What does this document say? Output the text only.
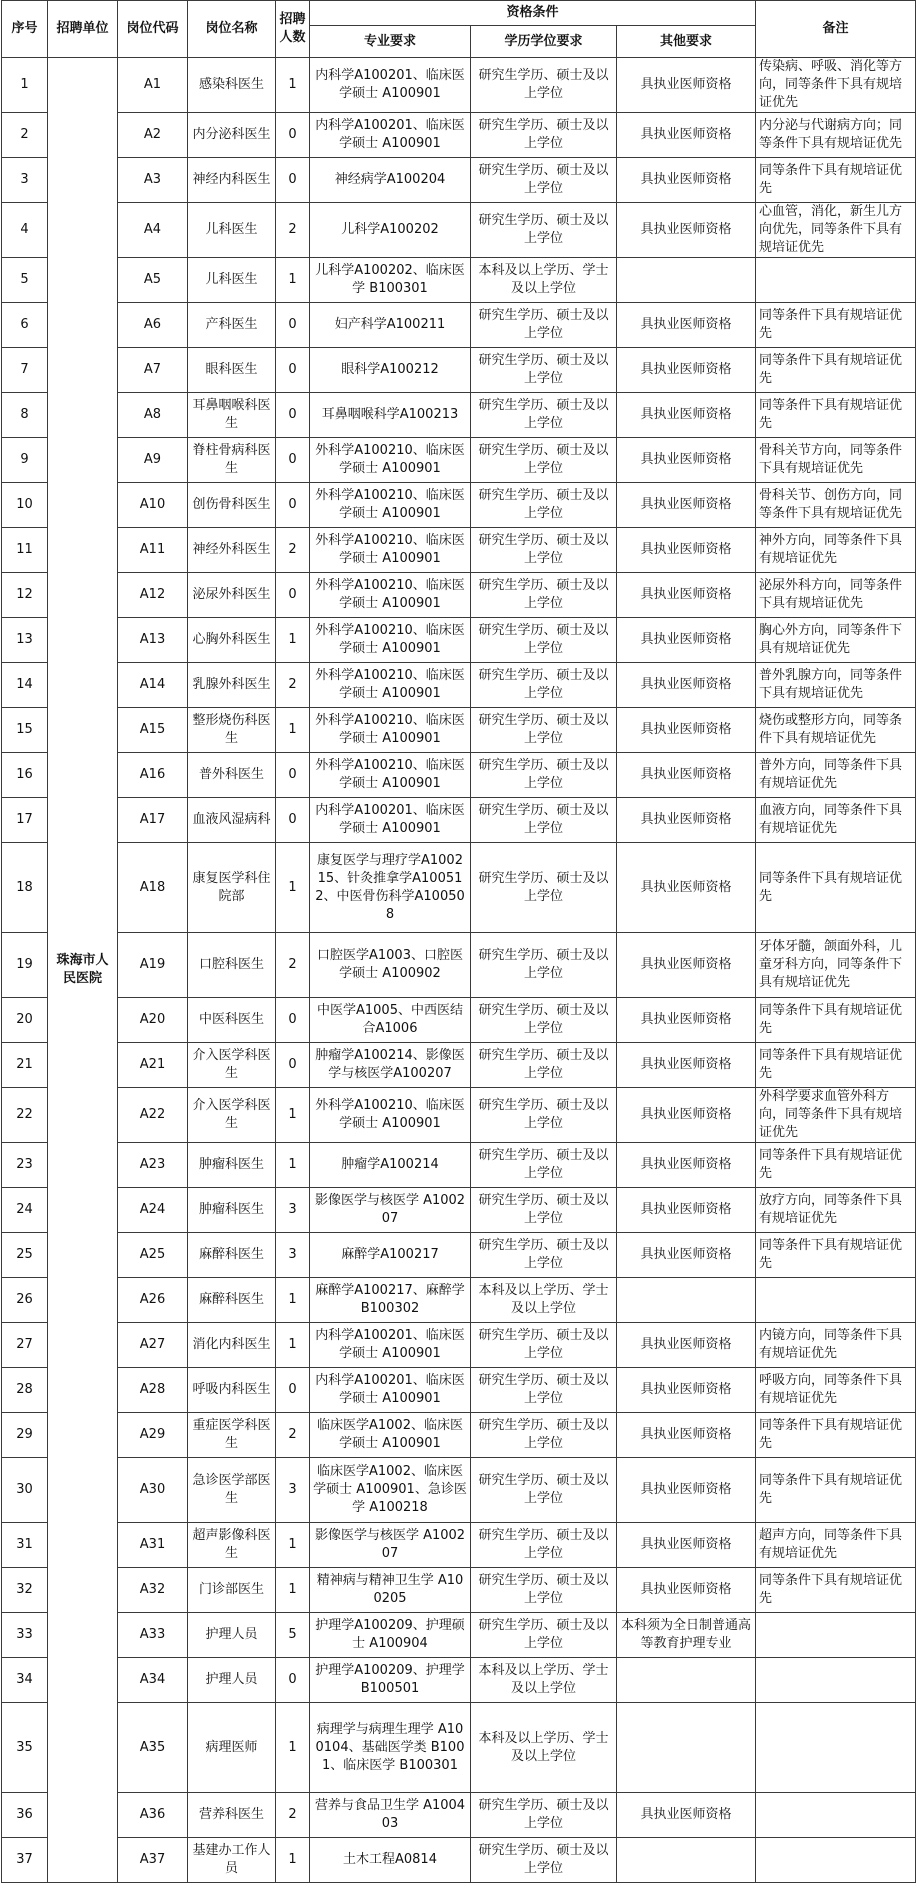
序号	招聘单位	岗位代码	岗位名称	招聘人数	资格条件			备注
					专业要求	学历学位要求	其他要求	
1	珠海市人民医院	A1	感染科医生	1	内科学A100201、临床医学硕士 A100901	研究生学历、硕士及以上学位	具执业医师资格	传染病、呼吸、消化等方向，同等条件下具有规培证优先
2		A2	内分泌科医生	0	内科学A100201、临床医学硕士 A100901	研究生学历、硕士及以上学位	具执业医师资格	内分泌与代谢病方向；同等条件下具有规培证优先
3		A3	神经内科医生	0	神经病学A100204	研究生学历、硕士及以上学位	具执业医师资格	同等条件下具有规培证优先
4		A4	儿科医生	2	儿科学A100202	研究生学历、硕士及以上学位	具执业医师资格	心血管，消化，新生儿方向优先，同等条件下具有规培证优先
5		A5	儿科医生	1	儿科学A100202、临床医学 B100301	本科及以上学历、学士及以上学位		
6		A6	产科医生	0	妇产科学A100211	研究生学历、硕士及以上学位	具执业医师资格	同等条件下具有规培证优先
7		A7	眼科医生	0	眼科学A100212	研究生学历、硕士及以上学位	具执业医师资格	同等条件下具有规培证优先
8		A8	耳鼻咽喉科医生	0	耳鼻咽喉科学A100213	研究生学历、硕士及以上学位	具执业医师资格	同等条件下具有规培证优先
9		A9	脊柱骨病科医生	0	外科学A100210、临床医学硕士 A100901	研究生学历、硕士及以上学位	具执业医师资格	骨科关节方向，同等条件下具有规培证优先
10		A10	创伤骨科医生	0	外科学A100210、临床医学硕士 A100901	研究生学历、硕士及以上学位	具执业医师资格	骨科关节、创伤方向，同等条件下具有规培证优先
11		A11	神经外科医生	2	外科学A100210、临床医学硕士 A100901	研究生学历、硕士及以上学位	具执业医师资格	神外方向，同等条件下具有规培证优先
12		A12	泌尿外科医生	0	外科学A100210、临床医学硕士 A100901	研究生学历、硕士及以上学位	具执业医师资格	泌尿外科方向，同等条件下具有规培证优先
13		A13	心胸外科医生	1	外科学A100210、临床医学硕士 A100901	研究生学历、硕士及以上学位	具执业医师资格	胸心外方向，同等条件下具有规培证优先
14		A14	乳腺外科医生	2	外科学A100210、临床医学硕士 A100901	研究生学历、硕士及以上学位	具执业医师资格	普外乳腺方向，同等条件下具有规培证优先
15		A15	整形烧伤科医生	1	外科学A100210、临床医学硕士 A100901	研究生学历、硕士及以上学位	具执业医师资格	烧伤或整形方向，同等条件下具有规培证优先
16		A16	普外科医生	0	外科学A100210、临床医学硕士 A100901	研究生学历、硕士及以上学位	具执业医师资格	普外方向，同等条件下具有规培证优先
17		A17	血液风湿病科	0	内科学A100201、临床医学硕士 A100901	研究生学历、硕士及以上学位	具执业医师资格	血液方向，同等条件下具有规培证优先
18		A18	康复医学科住院部	1	康复医学与理疗学A100215、针灸推拿学A100512、中医骨伤科学A100508	研究生学历、硕士及以上学位	具执业医师资格	同等条件下具有规培证优先
19		A19	口腔科医生	2	口腔医学A1003、口腔医学硕士 A100902	研究生学历、硕士及以上学位	具执业医师资格	牙体牙髓，颌面外科，儿童牙科方向，同等条件下具有规培证优先
20		A20	中医科医生	0	中医学A1005、中西医结合A1006	研究生学历、硕士及以上学位	具执业医师资格	同等条件下具有规培证优先
21		A21	介入医学科医生	0	肿瘤学A100214、影像医学与核医学A100207	研究生学历、硕士及以上学位	具执业医师资格	同等条件下具有规培证优先
22		A22	介入医学科医生	1	外科学A100210、临床医学硕士 A100901	研究生学历、硕士及以上学位	具执业医师资格	外科学要求血管外科方向，同等条件下具有规培证优先
23		A23	肿瘤科医生	1	肿瘤学A100214	研究生学历、硕士及以上学位	具执业医师资格	同等条件下具有规培证优先
24		A24	肿瘤科医生	3	影像医学与核医学 A100207	研究生学历、硕士及以上学位	具执业医师资格	放疗方向，同等条件下具有规培证优先
25		A25	麻醉科医生	3	麻醉学A100217	研究生学历、硕士及以上学位	具执业医师资格	同等条件下具有规培证优先
26		A26	麻醉科医生	1	麻醉学A100217、麻醉学 B100302	本科及以上学历、学士及以上学位		
27		A27	消化内科医生	1	内科学A100201、临床医学硕士 A100901	研究生学历、硕士及以上学位	具执业医师资格	内镜方向，同等条件下具有规培证优先
28		A28	呼吸内科医生	0	内科学A100201、临床医学硕士 A100901	研究生学历、硕士及以上学位	具执业医师资格	呼吸方向，同等条件下具有规培证优先
29		A29	重症医学科医生	2	临床医学A1002、临床医学硕士 A100901	研究生学历、硕士及以上学位	具执业医师资格	同等条件下具有规培证优先
30		A30	急诊医学部医生	3	临床医学A1002、临床医学硕士 A100901、急诊医学 A100218	研究生学历、硕士及以上学位	具执业医师资格	同等条件下具有规培证优先
31		A31	超声影像科医生	1	影像医学与核医学 A100207	研究生学历、硕士及以上学位	具执业医师资格	超声方向，同等条件下具有规培证优先
32		A32	门诊部医生	1	精神病与精神卫生学 A100205	研究生学历、硕士及以上学位	具执业医师资格	同等条件下具有规培证优先
33		A33	护理人员	5	护理学A100209、护理硕士 A100904	研究生学历、硕士及以上学位	本科须为全日制普通高等教育护理专业	
34		A34	护理人员	0	护理学A100209、护理学 B100501	本科及以上学历、学士及以上学位		
35		A35	病理医师	1	病理学与病理生理学 A100104、基础医学类 B1001、临床医学 B100301	本科及以上学历、学士及以上学位		
36		A36	营养科医生	2	营养与食品卫生学 A100403	研究生学历、硕士及以上学位	具执业医师资格	
37		A37	基建办工作人员	1	土木工程A0814	研究生学历、硕士及以上学位		
